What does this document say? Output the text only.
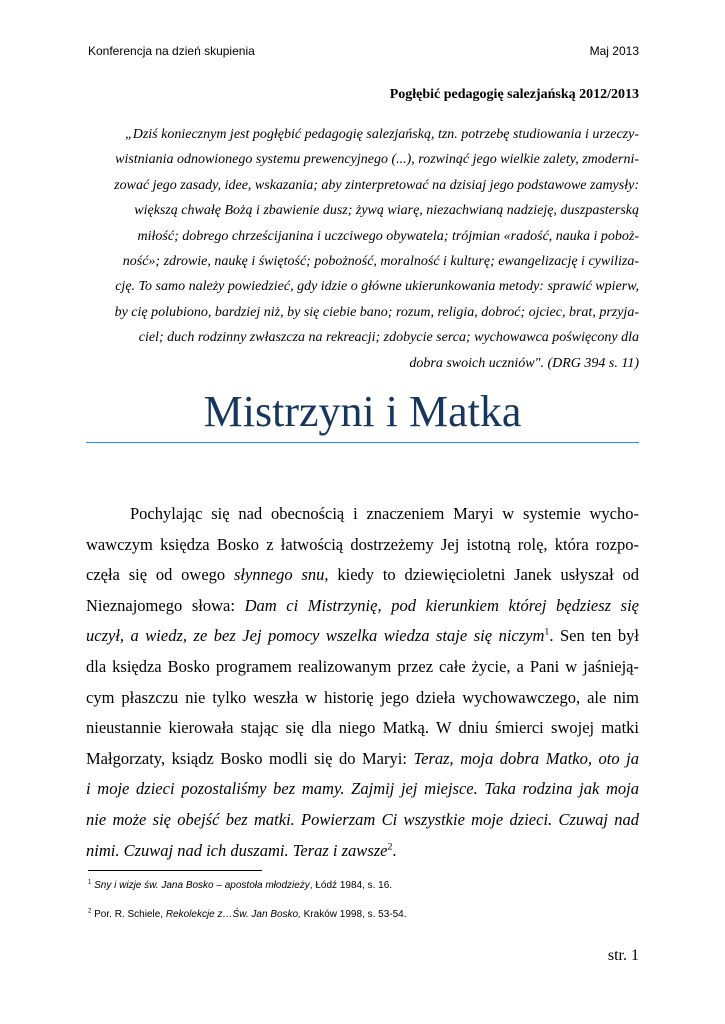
Konferencja na dzień skupienia	Maj 2013
Pogłębić pedagogię salezjańską 2012/2013
„Dziś koniecznym jest pogłębić pedagogię salezjańską, tzn. potrzebę studiowania i urzeczy-
wistniania odnowionego systemu prewencyjnego (...), rozwinąć jego wielkie zalety, zmoderni-
zować jego zasady, idee, wskazania; aby zinterpretować na dzisiaj jego podstawowe zamysły:
większą chwałę Bożą i zbawienie dusz; żywą wiarę, niezachwianą nadzieję, duszpasterską
miłość; dobrego chrześcijanina i uczciwego obywatela; trójmian «radość, nauka i poboż-
ność»; zdrowie, naukę i świętość; pobożność, moralność i kulturę; ewangelizację i cywiliza-
cję. To samo należy powiedzieć, gdy idzie o główne ukierunkowania metody: sprawić wpierw,
by cię polubiono, bardziej niż, by się ciebie bano; rozum, religia, dobroć; ojciec, brat, przyja-
ciel; duch rodzinny zwłaszcza na rekreacji; zdobycie serca; wychowawca poświęcony dla
dobra swoich uczniów". (DRG 394 s. 11)
Mistrzyni i Matka
Pochylając się nad obecnością i znaczeniem Maryi w systemie wycho-
wawczym księdza Bosko z łatwością dostrzeżemy Jej istotną rolę, która rozpo-
częła się od owego słynnego snu, kiedy to dziewięcioletni Janek usłyszał od
Nieznajomego słowa: Dam ci Mistrzynię, pod kierunkiem której będziesz się
uczył, a wiedz, ze bez Jej pomocy wszelka wiedza staje się niczym$^1$. Sen ten był
dla księdza Bosko programem realizowanym przez całe życie, a Pani w jaśnieją-
cym płaszczu nie tylko weszła w historię jego dzieła wychowawczego, ale nim
nieustannie kierowała stając się dla niego Matką. W dniu śmierci swojej matki
Małgorzaty, ksiądz Bosko modli się do Maryi: Teraz, moja dobra Matko, oto ja
i moje dzieci pozostaliśmy bez mamy. Zajmij jej miejsce. Taka rodzina jak moja
nie może się obejść bez matki. Powierzam Ci wszystkie moje dzieci. Czuwaj nad
nimi. Czuwaj nad ich duszami. Teraz i zawsze$^2$.
$^1$ Sny i wizje św. Jana Bosko – apostoła młodzieży, Łódź 1984, s. 16.
$^2$ Por. R. Schiele, Rekolekcje z…Św. Jan Bosko, Kraków 1998, s. 53-54.
str. 1
